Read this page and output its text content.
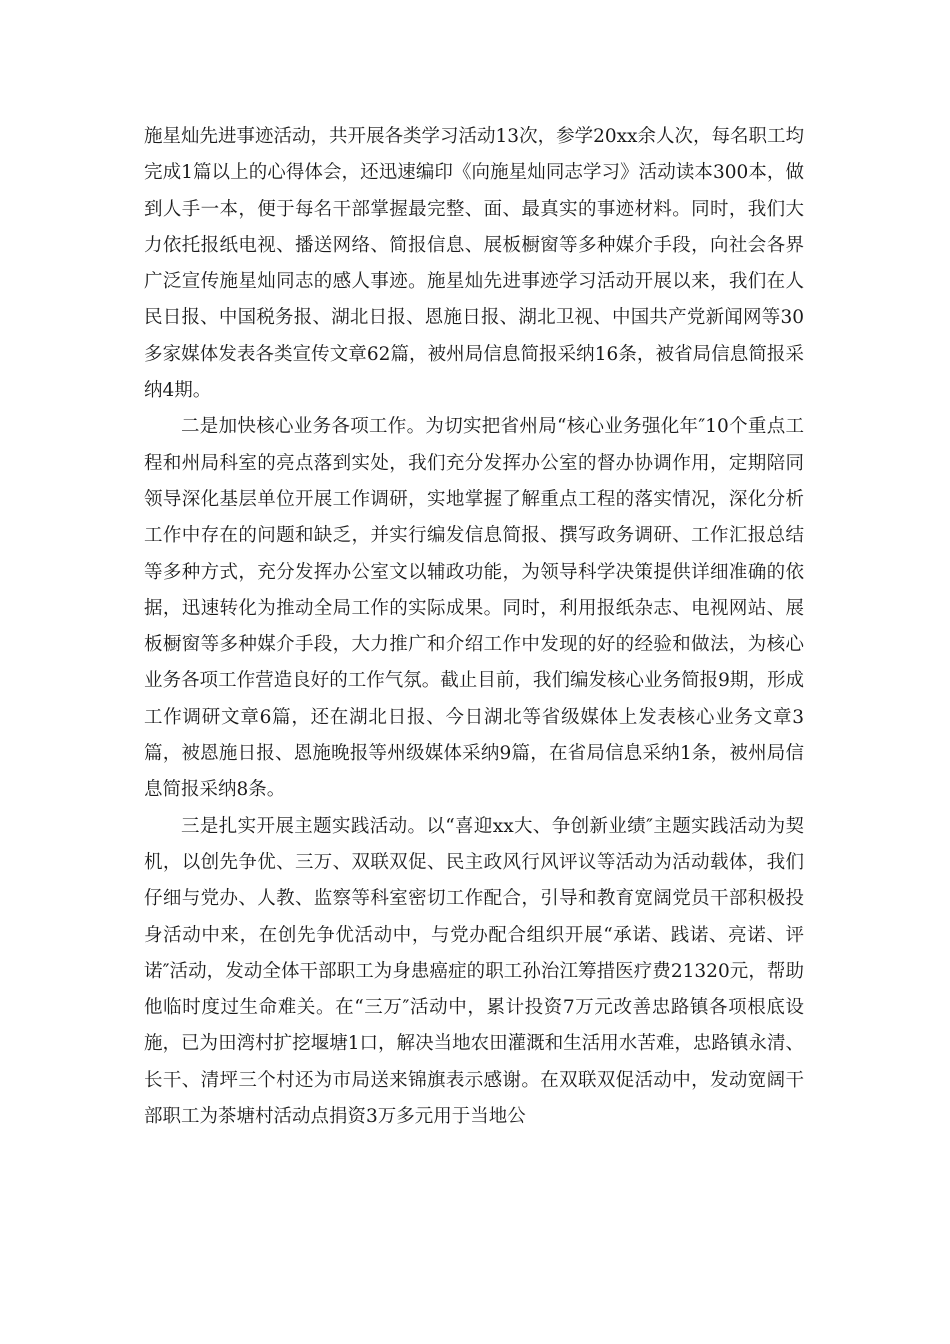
施星灿先进事迹活动，共开展各类学习活动13次，参学20xx余人次，每名职工均完成1篇以上的心得体会，还迅速编印《向施星灿同志学习》活动读本300本，做到人手一本，便于每名干部掌握最完整、面、最真实的事迹材料。同时，我们大力依托报纸电视、播送网络、简报信息、展板橱窗等多种媒介手段，向社会各界广泛宣传施星灿同志的感人事迹。施星灿先进事迹学习活动开展以来，我们在人民日报、中国税务报、湖北日报、恩施日报、湖北卫视、中国共产党新闻网等30多家媒体发表各类宣传文章62篇，被州局信息简报采纳16条，被省局信息简报采纳4期。

二是加快核心业务各项工作。为切实把省州局“核心业务强化年″10个重点工程和州局科室的亮点落到实处，我们充分发挥办公室的督办协调作用，定期陪同领导深化基层单位开展工作调研，实地掌握了解重点工程的落实情况，深化分析工作中存在的问题和缺乏，并实行编发信息简报、撰写政务调研、工作汇报总结等多种方式，充分发挥办公室文以辅政功能，为领导科学决策提供详细准确的依据，迅速转化为推动全局工作的实际成果。同时，利用报纸杂志、电视网站、展板橱窗等多种媒介手段，大力推广和介绍工作中发现的好的经验和做法，为核心业务各项工作营造良好的工作气氛。截止目前，我们编发核心业务简报9期，形成工作调研文章6篇，还在湖北日报、今日湖北等省级媒体上发表核心业务文章3篇，被恩施日报、恩施晚报等州级媒体采纳9篇，在省局信息采纳1条，被州局信息简报采纳8条。

三是扎实开展主题实践活动。以“喜迎xx大、争创新业绩″主题实践活动为契机，以创先争优、三万、双联双促、民主政风行风评议等活动为活动载体，我们仔细与党办、人教、监察等科室密切工作配合，引导和教育宽阔党员干部积极投身活动中来，在创先争优活动中，与党办配合组织开展“承诺、践诺、亮诺、评诺″活动，发动全体干部职工为身患癌症的职工孙治江筹措医疗费21320元，帮助他临时度过生命难关。在“三万″活动中，累计投资7万元改善忠路镇各项根底设施，已为田湾村扩挖堰塘1口，解决当地农田灌溉和生活用水苦难，忠路镇永清、长干、清坪三个村还为市局送来锦旗表示感谢。在双联双促活动中，发动宽阔干部职工为茶塘村活动点捐资3万多元用于当地公
